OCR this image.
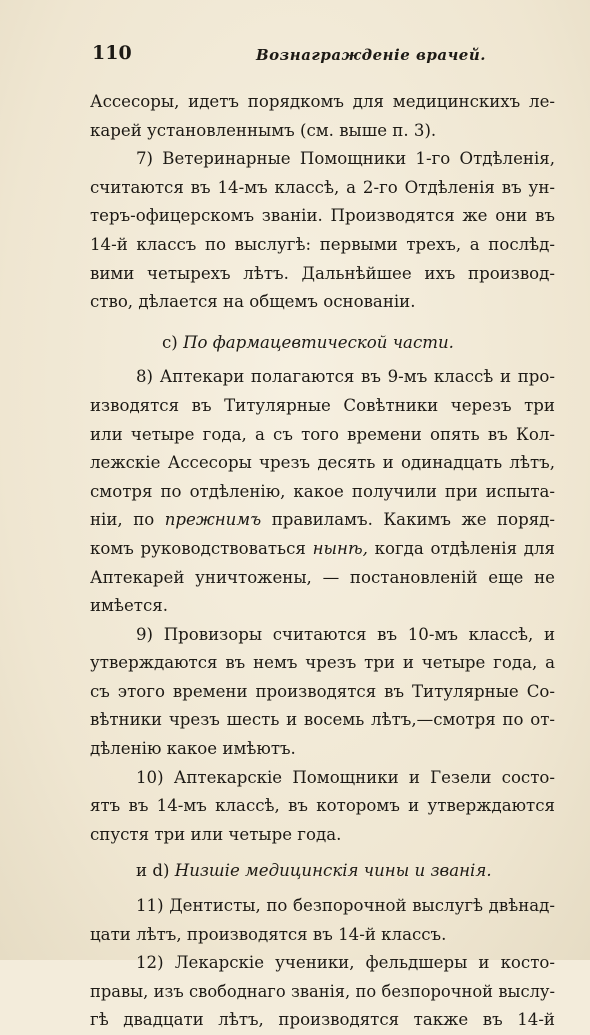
110	Вознагражденіе врачей.
Ассесоры, идетъ порядкомъ для медицинскихъ ле-
карей установленнымъ (см. выше п. 3).
7) Ветеринарные Помощники 1-го Отдѣленія,
считаются въ 14-мъ классѣ, а 2-го Отдѣленія въ ун-
теръ-офицерскомъ званіи. Производятся же они въ
14-й классъ по выслугѣ: первыми трехъ, а послѣд-
вими четырехъ лѣтъ. Дальнѣйшее ихъ производ-
ство, дѣлается на общемъ основаніи.
c) По фармацевтической части.
8) Аптекари полагаются въ 9-мъ классѣ и про-
изводятся въ Титулярные Совѣтники черезъ три
или четыре года, а съ того времени опять въ Кол-
лежскіе Ассесоры чрезъ десять и одинадцать лѣтъ,
смотря по отдѣленію, какое получили при испыта-
ніи, по прежнимъ правиламъ. Какимъ же поряд-
комъ руководствоваться нынѣ, когда отдѣленія для
Аптекарей уничтожены, — постановленій еще не
имѣется.
9) Провизоры считаются въ 10-мъ классѣ, и
утверждаются въ немъ чрезъ три и четыре года, а
съ этого времени производятся въ Титулярные Со-
вѣтники чрезъ шесть и восемь лѣтъ,—смотря по от-
дѣленію какое имѣютъ.
10) Аптекарскіе Помощники и Гезели состо-
ятъ въ 14-мъ классѣ, въ которомъ и утверждаются
спустя три или четыре года.
и d) Низшіе медицинскія чины и званія.
11) Дентисты, по безпорочной выслугѣ двѣнад-
цати лѣтъ, производятся въ 14-й классъ.
12) Лекарскіе ученики, фельдшеры и косто-
правы, изъ свободнаго званія, по безпорочной выслу-
гѣ двадцати лѣтъ, производятся также въ 14-й
